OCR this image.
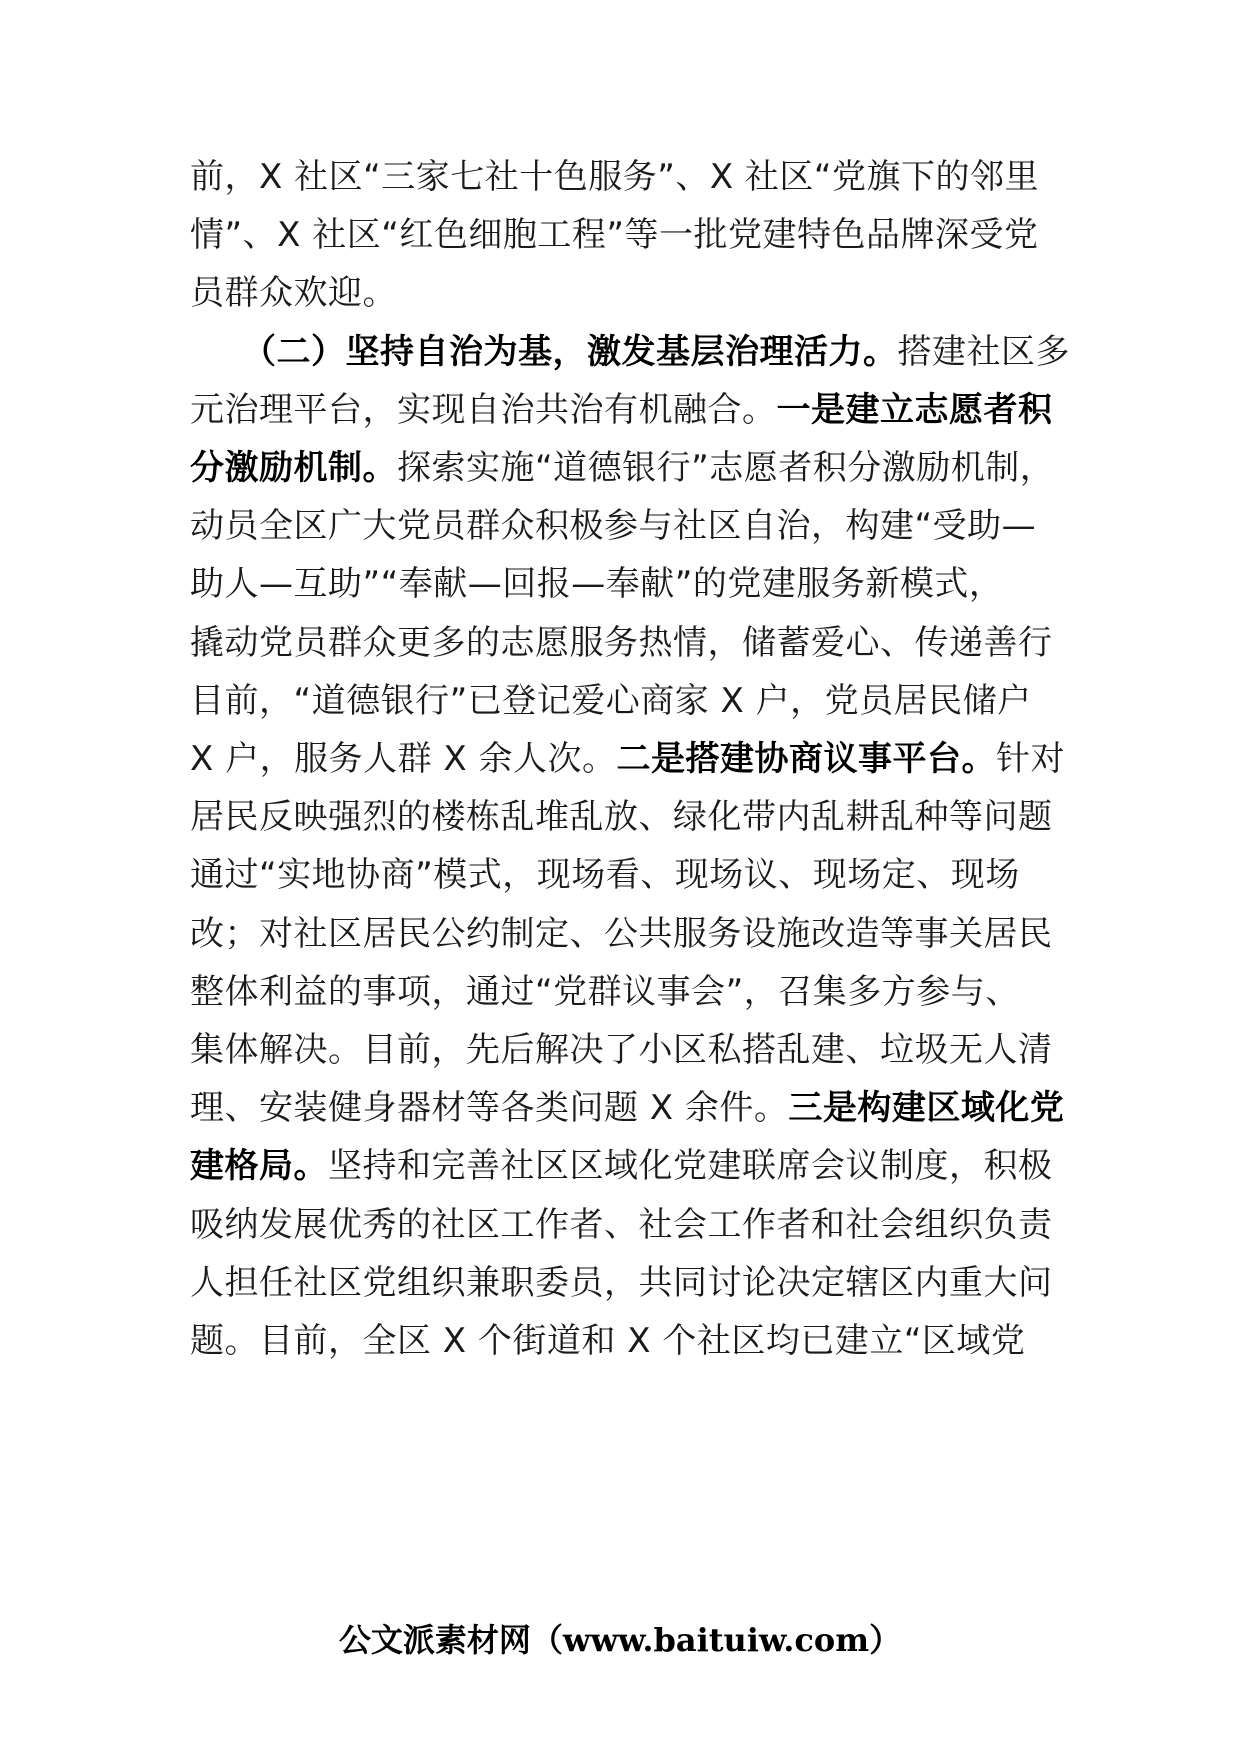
前，X 社区“三家七社十色服务”、X 社区“党旗下的邻里
情”、X 社区“红色细胞工程”等一批党建特色品牌深受党
员群众欢迎。
　　（二）坚持自治为基，激发基层治理活力。搭建社区多
元治理平台，实现自治共治有机融合。一是建立志愿者积
分激励机制。探索实施“道德银行”志愿者积分激励机制，
动员全区广大党员群众积极参与社区自治，构建“受助—
助人—互助”“奉献—回报—奉献”的党建服务新模式，
撬动党员群众更多的志愿服务热情，储蓄爱心、传递善行
目前，“道德银行”已登记爱心商家 X 户，党员居民储户
X 户，服务人群 X 余人次。二是搭建协商议事平台。针对
居民反映强烈的楼栋乱堆乱放、绿化带内乱耕乱种等问题
通过“实地协商”模式，现场看、现场议、现场定、现场
改；对社区居民公约制定、公共服务设施改造等事关居民
整体利益的事项，通过“党群议事会”，召集多方参与、
集体解决。目前，先后解决了小区私搭乱建、垃圾无人清
理、安装健身器材等各类问题 X 余件。三是构建区域化党
建格局。坚持和完善社区区域化党建联席会议制度，积极
吸纳发展优秀的社区工作者、社会工作者和社会组织负责
人担任社区党组织兼职委员，共同讨论决定辖区内重大问
题。目前，全区 X 个街道和 X 个社区均已建立“区域党
公文派素材网（www.baituiw.com）
